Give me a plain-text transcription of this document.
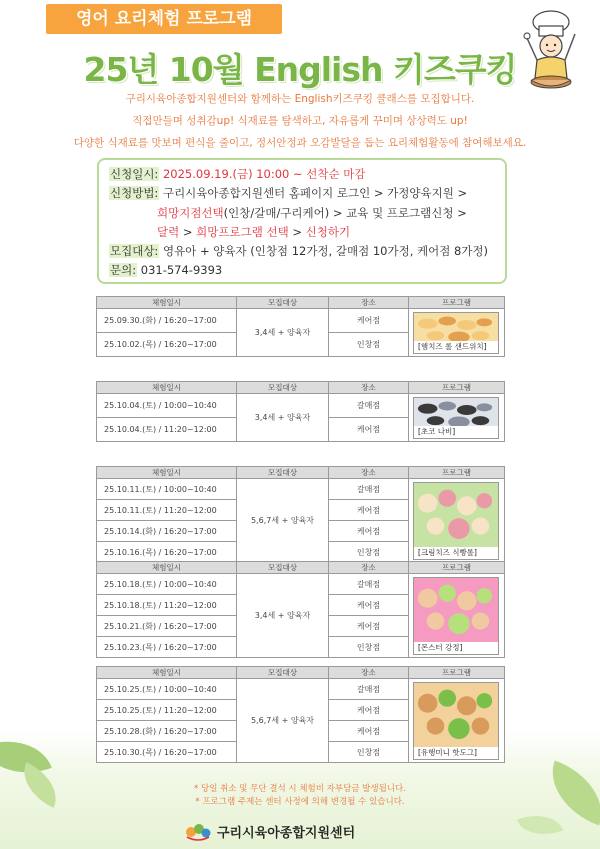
영어 요리체험 프로그램
25년 10월 English 키즈쿠킹
구리시육아종합지원센터와 함께하는 English키즈쿠킹 클래스를 모집합니다.
직접만들며 성취감up! 식재료를 탐색하고, 자유롭게 꾸미며 상상력도 up!
다양한 식재료를 맛보며 편식을 줄이고, 정서안정과 오감발달을 돕는 요리체험활동에 참여해보세요.
신청일시: 2025.09.19.(금) 10:00 ~ 선착순 마감
신청방법: 구리시육아종합지원센터 홈페이지 로그인 > 가정양육지원 >
희망지점선택(인창/갈매/구리케어) > 교육 및 프로그램신청 >
달력 > 희망프로그램 선택 > 신청하기
모집대상: 영유아 + 양육자 (인창점 12가정, 갈매점 10가정, 케어점 8가정)
문의: 031-574-9393
체험일시	모집대상	장소	프로그램
25.09.30.(화) / 16:20~17:00	3,4세 + 양육자	케어점	
25.10.02.(목) / 16:20~17:00		인창점		[햄치즈 롤 샌드위치]
체험일시	모집대상	장소	프로그램
25.10.04.(토) / 10:00~10:40	3,4세 + 양육자	갈매점	
25.10.04.(토) / 11:20~12:00		케어점		[초코 나비]
체험일시	모집대상	장소	프로그램
25.10.11.(토) / 10:00~10:40	5,6,7세 + 양육자	갈매점	
25.10.11.(토) / 11:20~12:00		케어점	
25.10.14.(화) / 16:20~17:00		케어점	
25.10.16.(목) / 16:20~17:00		인창점		[크림치즈 식빵롤]
체험일시	모집대상	장소	프로그램
25.10.18.(토) / 10:00~10:40	3,4세 + 양육자	갈매점	
25.10.18.(토) / 11:20~12:00		케어점	
25.10.21.(화) / 16:20~17:00		케어점	
25.10.23.(목) / 16:20~17:00		인창점		[몬스터 강정]
체험일시	모집대상	장소	프로그램
25.10.25.(토) / 10:00~10:40	5,6,7세 + 양육자	갈매점	
25.10.25.(토) / 11:20~12:00		케어점	
25.10.28.(화) / 16:20~17:00		케어점	
25.10.30.(목) / 16:20~17:00		인창점		[유행미니 핫도그]
* 당일 취소 및 무단 결석 시 체험비 자부담금 발생됩니다.
* 프로그램 주제는 센터 사정에 의해 변경될 수 있습니다.
구리시육아종합지원센터
